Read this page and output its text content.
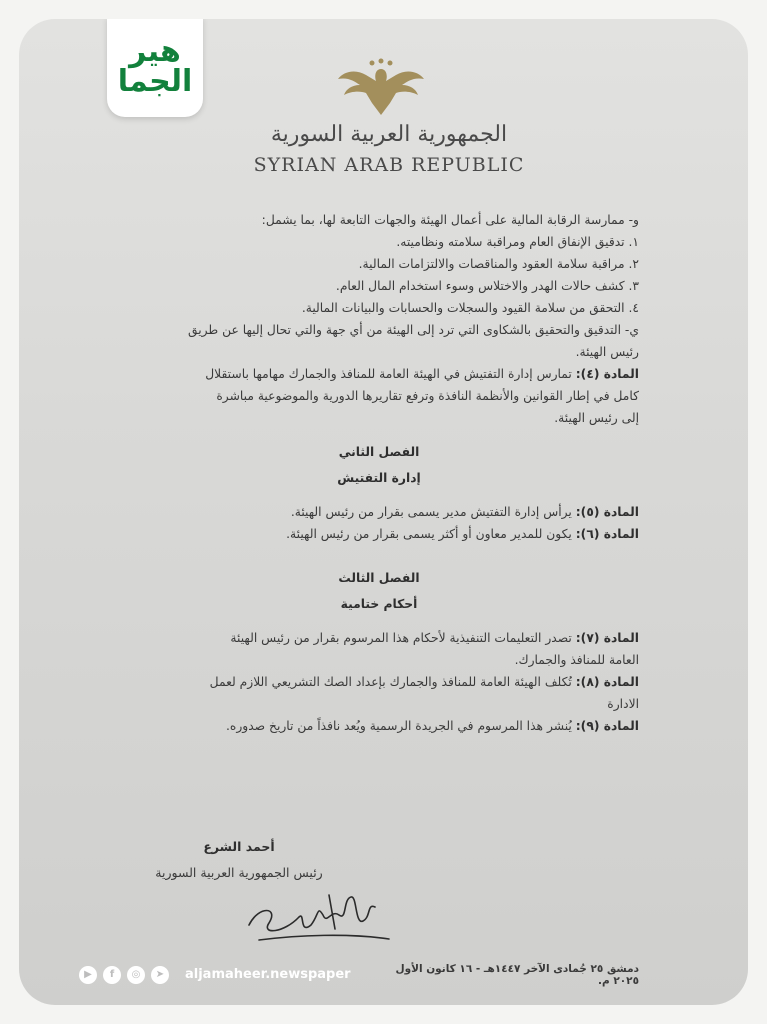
هير
الجما
الجمهورية العربية السورية
SYRIAN ARAB REPUBLIC
و- ممارسة الرقابة المالية على أعمال الهيئة والجهات التابعة لها، بما يشمل:
١. تدقيق الإنفاق العام ومراقبة سلامته ونظاميته.
٢. مراقبة سلامة العقود والمناقصات والالتزامات المالية.
٣. كشف حالات الهدر والاختلاس وسوء استخدام المال العام.
٤. التحقق من سلامة القيود والسجلات والحسابات والبيانات المالية.
ي- التدقيق والتحقيق بالشكاوى التي ترد إلى الهيئة من أي جهة والتي تحال إليها عن طريق
رئيس الهيئة.
المادة (٤): تمارس إدارة التفتيش في الهيئة العامة للمنافذ والجمارك مهامها باستقلال
كامل في إطار القوانين والأنظمة النافذة وترفع تقاريرها الدورية والموضوعية مباشرة
إلى رئيس الهيئة.
الفصل الثاني
إدارة التفتيش
المادة (٥): يرأس إدارة التفتيش مدير يسمى بقرار من رئيس الهيئة.
المادة (٦): يكون للمدير معاون أو أكثر يسمى بقرار من رئيس الهيئة.
الفصل الثالث
أحكام ختامية
المادة (٧): تصدر التعليمات التنفيذية لأحكام هذا المرسوم بقرار من رئيس الهيئة
العامة للمنافذ والجمارك.
المادة (٨): تُكلف الهيئة العامة للمنافذ والجمارك بإعداد الصك التشريعي اللازم لعمل
الادارة
المادة (٩): يُنشر هذا المرسوم في الجريدة الرسمية ويُعد نافذاً من تاريخ صدوره.
أحمد الشرع
رئيس الجمهورية العربية السورية
دمشق ٢٥ جُمادى الآخر ١٤٤٧هـ - ١٦ كانون الأول ٢٠٢٥ م.
▶	f	◎	➤	aljamaheer.newspaper
